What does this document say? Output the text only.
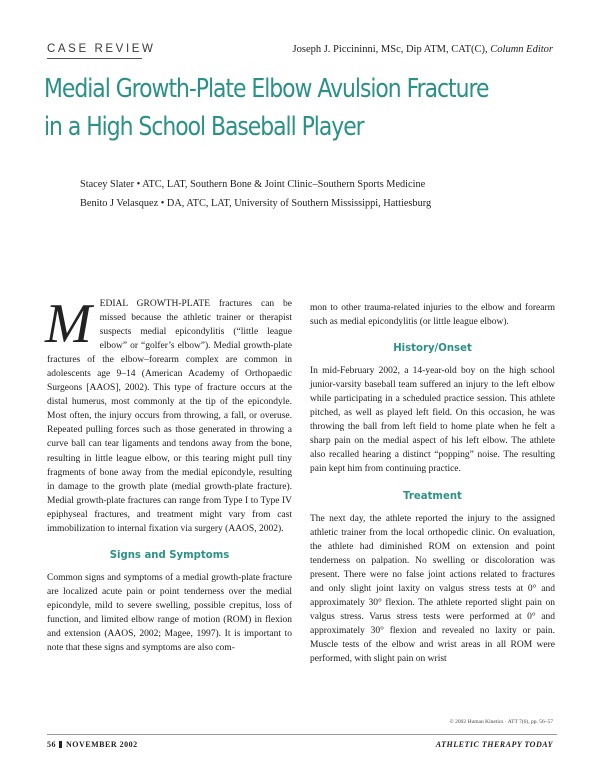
CASE REVIEW	Joseph J. Piccininni, MSc, Dip ATM, CAT(C), Column Editor
Medial Growth-Plate Elbow Avulsion Fracture
in a High School Baseball Player
Stacey Slater • ATC, LAT, Southern Bone & Joint Clinic–Southern Sports Medicine
Benito J Velasquez • DA, ATC, LAT, University of Southern Mississippi, Hattiesburg

MEDIAL GROWTH-PLATE fractures can be missed because the athletic trainer or therapist suspects medial epicondylitis (“little league elbow” or “golfer’s elbow”). Medial growth-plate fractures of the elbow–forearm complex are common in adolescents age 9–14 (American Academy of Orthopaedic Surgeons [AAOS], 2002). This type of fracture occurs at the distal humerus, most commonly at the tip of the epicondyle. Most often, the injury occurs from throwing, a fall, or overuse. Repeated pulling forces such as those generated in throwing a curve ball can tear ligaments and tendons away from the bone, resulting in little league elbow, or this tearing might pull tiny fragments of bone away from the medial epicondyle, resulting in damage to the growth plate (medial growth-plate fracture). Medial growth-plate fractures can range from Type I to Type IV epiphyseal fractures, and treatment might vary from cast immobilization to internal fixation via surgery (AAOS, 2002).

Signs and Symptoms

Common signs and symptoms of a medial growth-plate fracture are localized acute pain or point tenderness over the medial epicondyle, mild to severe swelling, possible crepitus, loss of function, and limited elbow range of motion (ROM) in flexion and extension (AAOS, 2002; Magee, 1997). It is important to note that these signs and symptoms are also com-

mon to other trauma-related injuries to the elbow and forearm such as medial epicondylitis (or little league elbow).

History/Onset

In mid-February 2002, a 14-year-old boy on the high school junior-varsity baseball team suffered an injury to the left elbow while participating in a scheduled practice session. This athlete pitched, as well as played left field. On this occasion, he was throwing the ball from left field to home plate when he felt a sharp pain on the medial aspect of his left elbow. The athlete also recalled hearing a distinct “popping” noise. The resulting pain kept him from continuing practice.

Treatment

The next day, the athlete reported the injury to the assigned athletic trainer from the local orthopedic clinic. On evaluation, the athlete had diminished ROM on extension and point tenderness on palpation. No swelling or discoloration was present. There were no false joint actions related to fractures and only slight joint laxity on valgus stress tests at 0° and approximately 30° flexion. The athlete reported slight pain on valgus stress. Varus stress tests were performed at 0° and approximately 30° flexion and revealed no laxity or pain. Muscle tests of the elbow and wrist areas in all ROM were performed, with slight pain on wrist

© 2002 Human Kinetics · ATT 7(6), pp. 56–57
56 NOVEMBER 2002	ATHLETIC THERAPY TODAY
